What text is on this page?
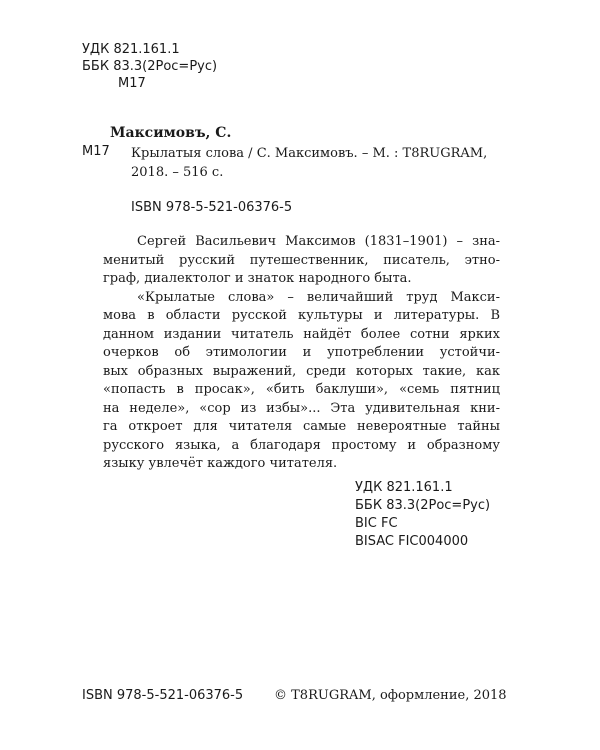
УДК 821.161.1
ББК 83.3(2Рос=Рус)
М17
Максимовъ, С.
М17 Крылатыя слова / С. Максимовъ. – М. : T8RUGRAM,
2018. – 516 с.
ISBN 978-5-521-06376-5
Сергей Васильевич Максимов (1831–1901) – зна-
менитый русский путешественник, писатель, этно-
граф, диалектолог и знаток народного быта.
«Крылатые слова» – величайший труд Макси-
мова в области русской культуры и литературы. В
данном издании читатель найдёт более сотни ярких
очерков об этимологии и употреблении устойчи-
вых образных выражений, среди которых такие, как
«попасть в просак», «бить баклуши», «семь пятниц
на неделе», «сор из избы»... Эта удивительная кни-
га откроет для читателя самые невероятные тайны
русского языка, а благодаря простому и образному
языку увлечёт каждого читателя.
УДК 821.161.1
ББК 83.3(2Рос=Рус)
BIC FC
BISAC FIC004000
ISBN 978-5-521-06376-5 © T8RUGRAM, оформление, 2018
